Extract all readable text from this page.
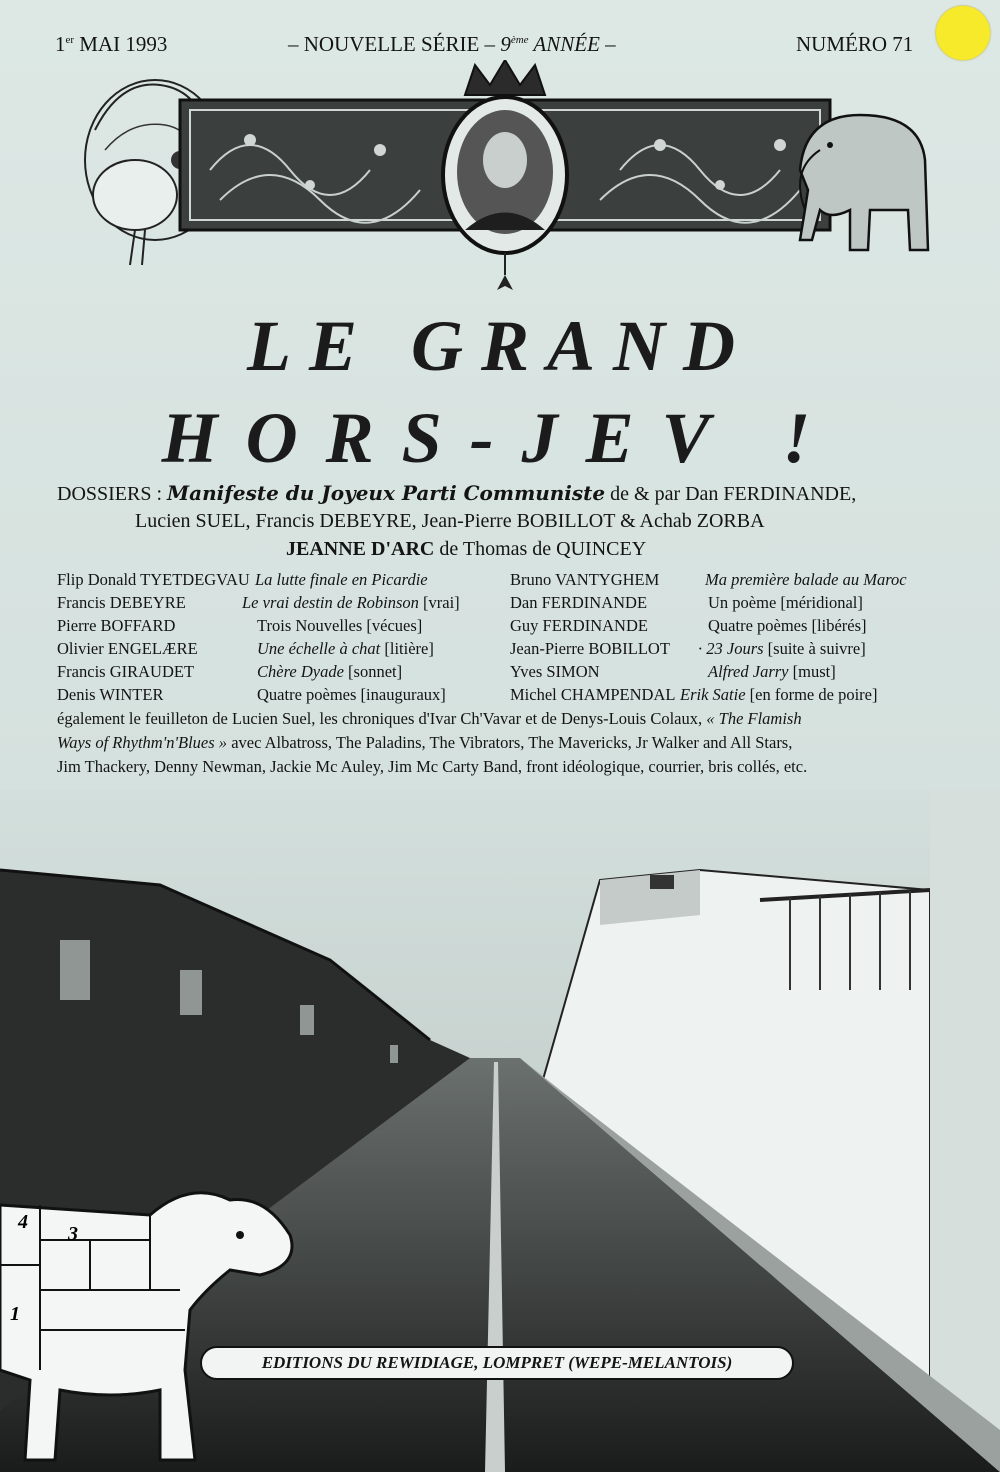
1er MAI 1993	– NOUVELLE SÉRIE – 9ème ANNÉE –	NUMÉRO 71
LE GRAND
HORS-JEV !
DOSSIERS : Manifeste du Joyeux Parti Communiste de & par Dan FERDINANDE,
Lucien SUEL, Francis DEBEYRE, Jean-Pierre BOBILLOT & Achab ZORBA
JEANNE D'ARC de Thomas de QUINCEY
Flip Donald TYETDEGVAU La lutte finale en Picardie
Francis DEBEYRE	Le vrai destin de Robinson [vrai]
Pierre BOFFARD	Trois Nouvelles [vécues]
Olivier ENGELÆRE	Une échelle à chat [litière]
Francis GIRAUDET	Chère Dyade [sonnet]
Denis WINTER	Quatre poèmes [inauguraux]
Bruno VANTYGHEM	Ma première balade au Maroc
Dan FERDINANDE	Un poème [méridional]
Guy FERDINANDE	Quatre poèmes [libérés]
Jean-Pierre BOBILLOT · 23 Jours [suite à suivre]
Yves SIMON	Alfred Jarry [must]
Michel CHAMPENDAL Erik Satie [en forme de poire]
également le feuilleton de Lucien Suel, les chroniques d'Ivar Ch'Vavar et de Denys-Louis Colaux, « The Flamish
Ways of Rhythm'n'Blues » avec Albatross, The Paladins, The Vibrators, The Mavericks, Jr Walker and All Stars,
Jim Thackery, Denny Newman, Jackie Mc Auley, Jim Mc Carty Band, front idéologique, courrier, bris collés, etc.
4
3
1
EDITIONS DU REWIDIAGE, LOMPRET (WEPE-MELANTOIS)
